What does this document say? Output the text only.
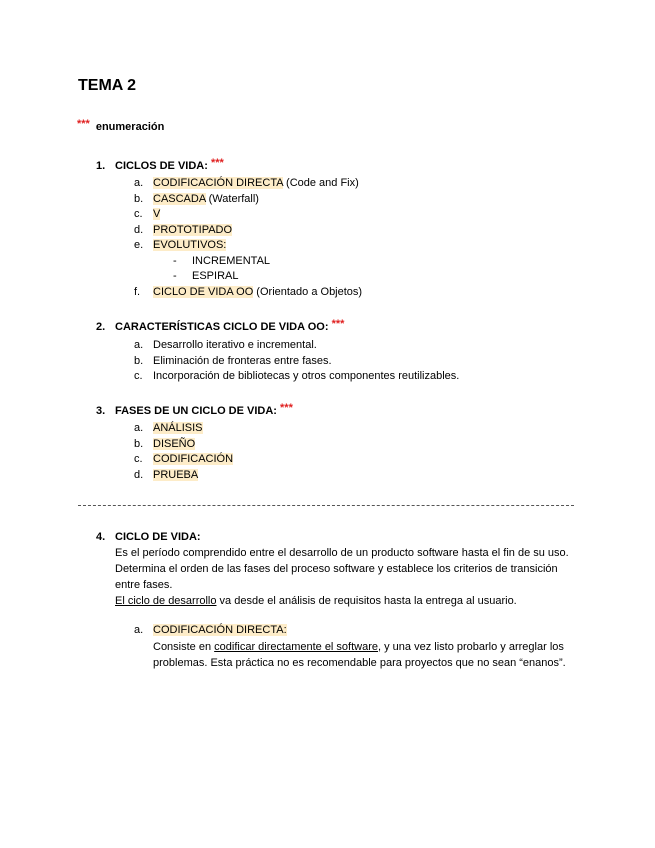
TEMA 2
*** enumeración
1. CICLOS DE VIDA: ***
a. CODIFICACIÓN DIRECTA (Code and Fix)
b. CASCADA (Waterfall)
c. V
d. PROTOTIPADO
e. EVOLUTIVOS:
- INCREMENTAL
- ESPIRAL
f. CICLO DE VIDA OO (Orientado a Objetos)
2. CARACTERÍSTICAS CICLO DE VIDA OO: ***
a. Desarrollo iterativo e incremental.
b. Eliminación de fronteras entre fases.
c. Incorporación de bibliotecas y otros componentes reutilizables.
3. FASES DE UN CICLO DE VIDA: ***
a. ANÁLISIS
b. DISEÑO
c. CODIFICACIÓN
d. PRUEBA
4. CICLO DE VIDA:
Es el período comprendido entre el desarrollo de un producto software hasta el fin de su uso. Determina el orden de las fases del proceso software y establece los criterios de transición entre fases.
El ciclo de desarrollo va desde el análisis de requisitos hasta la entrega al usuario.
a. CODIFICACIÓN DIRECTA:
Consiste en codificar directamente el software, y una vez listo probarlo y arreglar los problemas. Esta práctica no es recomendable para proyectos que no sean “enanos”.
